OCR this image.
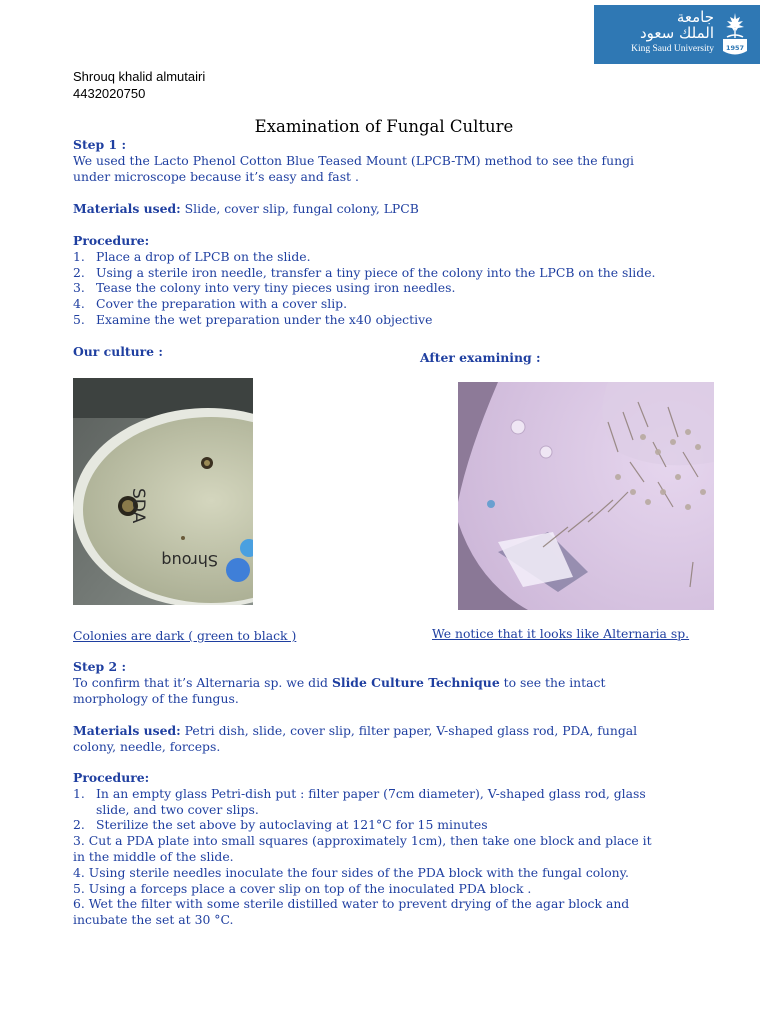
جامعة
الملك سعود
King Saud University 1957
Shrouq khalid almutairi
4432020750
Examination of Fungal Culture
Step 1 :
We used the Lacto Phenol Cotton Blue Teased Mount (LPCB-TM) method to see the fungi
under microscope because it’s easy and fast .
Materials used: Slide, cover slip, fungal colony, LPCB
Procedure:
1. Place a drop of LPCB on the slide.
2. Using a sterile iron needle, transfer a tiny piece of the colony into the LPCB on the slide.
3. Tease the colony into very tiny pieces using iron needles.
4. Cover the preparation with a cover slip.
5. Examine the wet preparation under the x40 objective
Our culture :	After examining :
SDA
Shrouq
Colonies are dark ( green to black )	We notice that it looks like Alternaria sp.
Step 2 :
To confirm that it’s Alternaria sp. we did Slide Culture Technique to see the intact
morphology of the fungus.
Materials used: Petri dish, slide, cover slip, filter paper, V-shaped glass rod, PDA, fungal
colony, needle, forceps.
Procedure:
1. In an empty glass Petri-dish put : filter paper (7cm diameter), V-shaped glass rod, glass
slide, and two cover slips.
2. Sterilize the set above by autoclaving at 121°C for 15 minutes
3. Cut a PDA plate into small squares (approximately 1cm), then take one block and place it
in the middle of the slide.
4. Using sterile needles inoculate the four sides of the PDA block with the fungal colony.
5. Using a forceps place a cover slip on top of the inoculated PDA block .
6. Wet the filter with some sterile distilled water to prevent drying of the agar block and
incubate the set at 30 °C.
